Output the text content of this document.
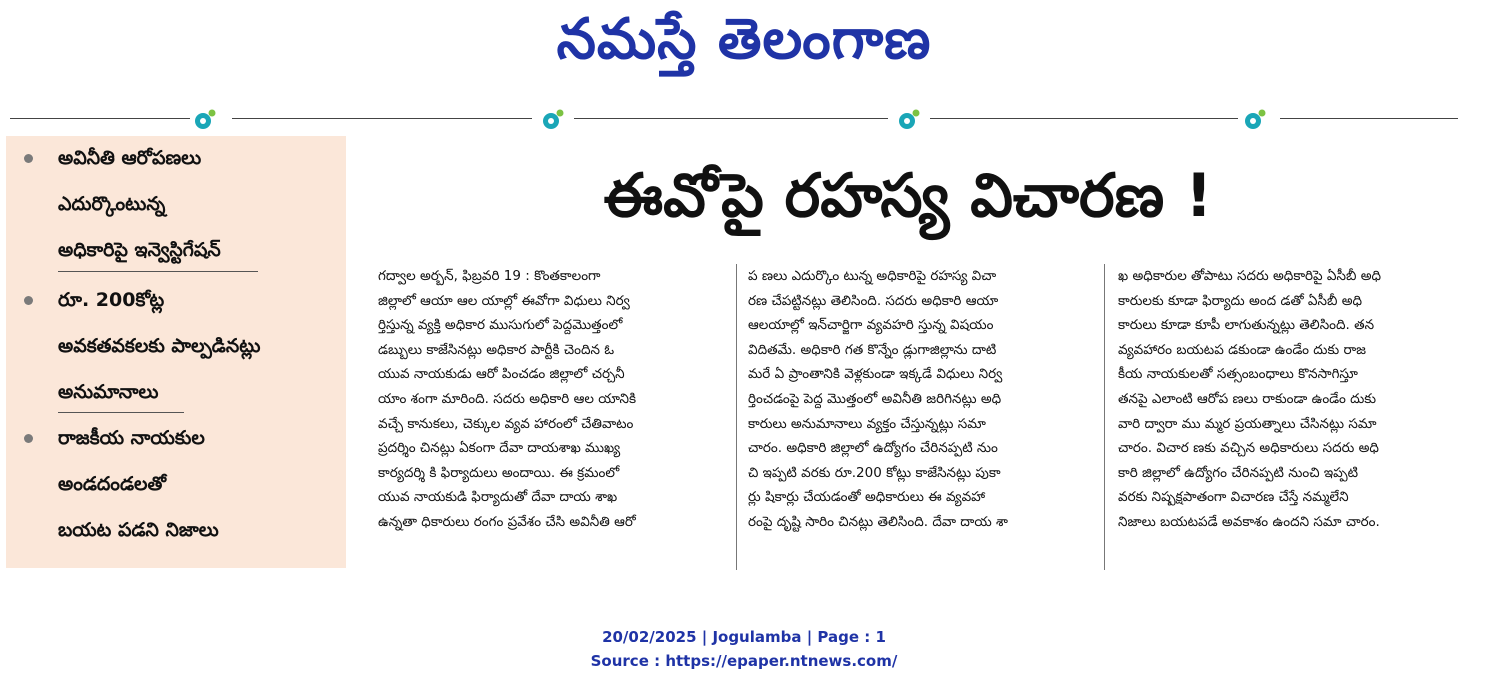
నమస్తే తెలంగాణ
అవినీతి ఆరోపణలు
ఎదుర్కొంటున్న
అధికారిపై ఇన్వెస్టిగేషన్
రూ. 200కోట్ల
అవకతవకలకు పాల్పడినట్లు
అనుమానాలు
రాజకీయ నాయకుల
అండదండలతో
బయట పడని నిజాలు
ఈవోపై రహస్య విచారణ !
గద్వాల అర్బన్, ఫిబ్రవరి 19 : కొంతకాలంగా
జిల్లాలో ఆయా ఆల యాల్లో ఈవోగా విధులు నిర్వ
ర్తిస్తున్న వ్యక్తి అధికార ముసుగులో పెద్దమొత్తంలో
డబ్బులు కాజేసినట్లు అధికార పార్టీకి చెందిన ఓ
యువ నాయకుడు ఆరో పించడం జిల్లాలో చర్చనీ
యాం శంగా మారింది. సదరు అధికారి ఆల యానికి
వచ్చే కానుకలు, చెక్కుల వ్యవ హారంలో చేతివాటం
ప్రదర్శిం చినట్లు ఏకంగా దేవా దాయశాఖ ముఖ్య
కార్యదర్శి కి ఫిర్యాదులు అందాయి. ఈ క్రమంలో
యువ నాయకుడి ఫిర్యాదుతో దేవా దాయ శాఖ
ఉన్నతా ధికారులు రంగం ప్రవేశం చేసి అవినీతి ఆరో
ప ణలు ఎదుర్కొం టున్న అధికారిపై రహస్య విచా
రణ చేపట్టినట్లు తెలిసింది. సదరు అధికారి ఆయా
ఆలయాల్లో ఇన్‌చార్జిగా వ్యవహరి స్తున్న విషయం
విదితమే. అధికారి గత కొన్నేం డ్లుగాజిల్లాను దాటి
మరే ఏ ప్రాంతానికి వెళ్లకుండా ఇక్కడే విధులు నిర్వ
ర్తించడంపై పెద్ద మొత్తంలో అవినీతి జరిగినట్లు అధి
కారులు అనుమానాలు వ్యక్తం చేస్తున్నట్లు సమా
చారం. అధికారి జిల్లాలో ఉద్యోగం చేరినప్పటి నుం
చి ఇప్పటి వరకు రూ.200 కోట్లు కాజేసినట్లు పుకా
ర్లు షికార్లు చేయడంతో అధికారులు ఈ వ్యవహా
రంపై దృష్టి సారిం చినట్లు తెలిసింది. దేవా దాయ శా
ఖ అధికారుల తోపాటు సదరు అధికారిపై ఏసీబీ అధి
కారులకు కూడా ఫిర్యాదు అంద డతో ఏసీబీ అధి
కారులు కూడా కూపీ లాగుతున్నట్లు తెలిసింది. తన
వ్యవహారం బయటప డకుండా ఉండేం దుకు రాజ
కీయ నాయకులతో సత్సంబంధాలు కొనసాగిస్తూ
తనపై ఎలాంటి ఆరోప ణలు రాకుండా ఉండేం దుకు
వారి ద్వారా ము మ్మర ప్రయత్నాలు చేసినట్లు సమా
చారం. విచార ణకు వచ్చిన అధికారులు సదరు అధి
కారి జిల్లాలో ఉద్యోగం చేరినప్పటి నుంచి ఇప్పటి
వరకు నిష్పక్షపాతంగా విచారణ చేస్తే నమ్మలేని
నిజాలు బయటపడే అవకాశం ఉందని సమా చారం.
20/02/2025 | Jogulamba | Page : 1
Source : https://epaper.ntnews.com/
